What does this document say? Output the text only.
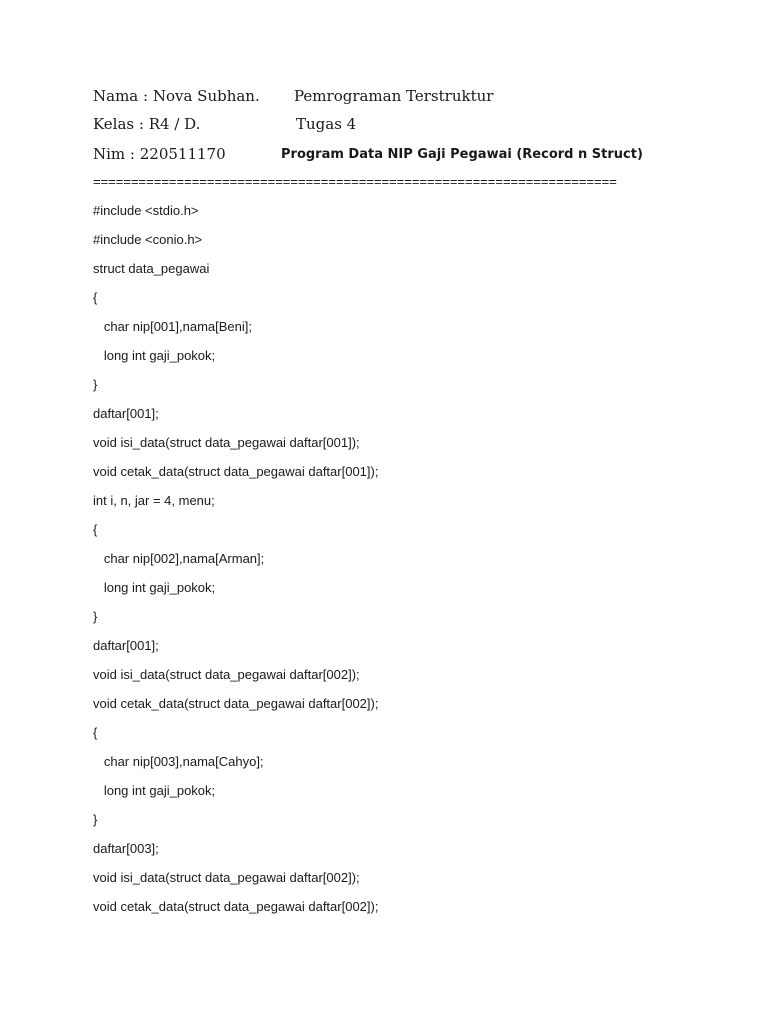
Nama : Nova Subhan. Pemrograman Terstruktur
Kelas : R4 / D.	Tugas 4
Nim : 220511170	Program Data NIP Gaji Pegawai (Record n Struct)
=====================================================================
#include <stdio.h>
#include <conio.h>
struct data_pegawai
{
char nip[001],nama[Beni];
long int gaji_pokok;
}
daftar[001];
void isi_data(struct data_pegawai daftar[001]);
void cetak_data(struct data_pegawai daftar[001]);
int i, n, jar = 4, menu;
{
char nip[002],nama[Arman];
long int gaji_pokok;
}
daftar[001];
void isi_data(struct data_pegawai daftar[002]);
void cetak_data(struct data_pegawai daftar[002]);
{
char nip[003],nama[Cahyo];
long int gaji_pokok;
}
daftar[003];
void isi_data(struct data_pegawai daftar[002]);
void cetak_data(struct data_pegawai daftar[002]);
